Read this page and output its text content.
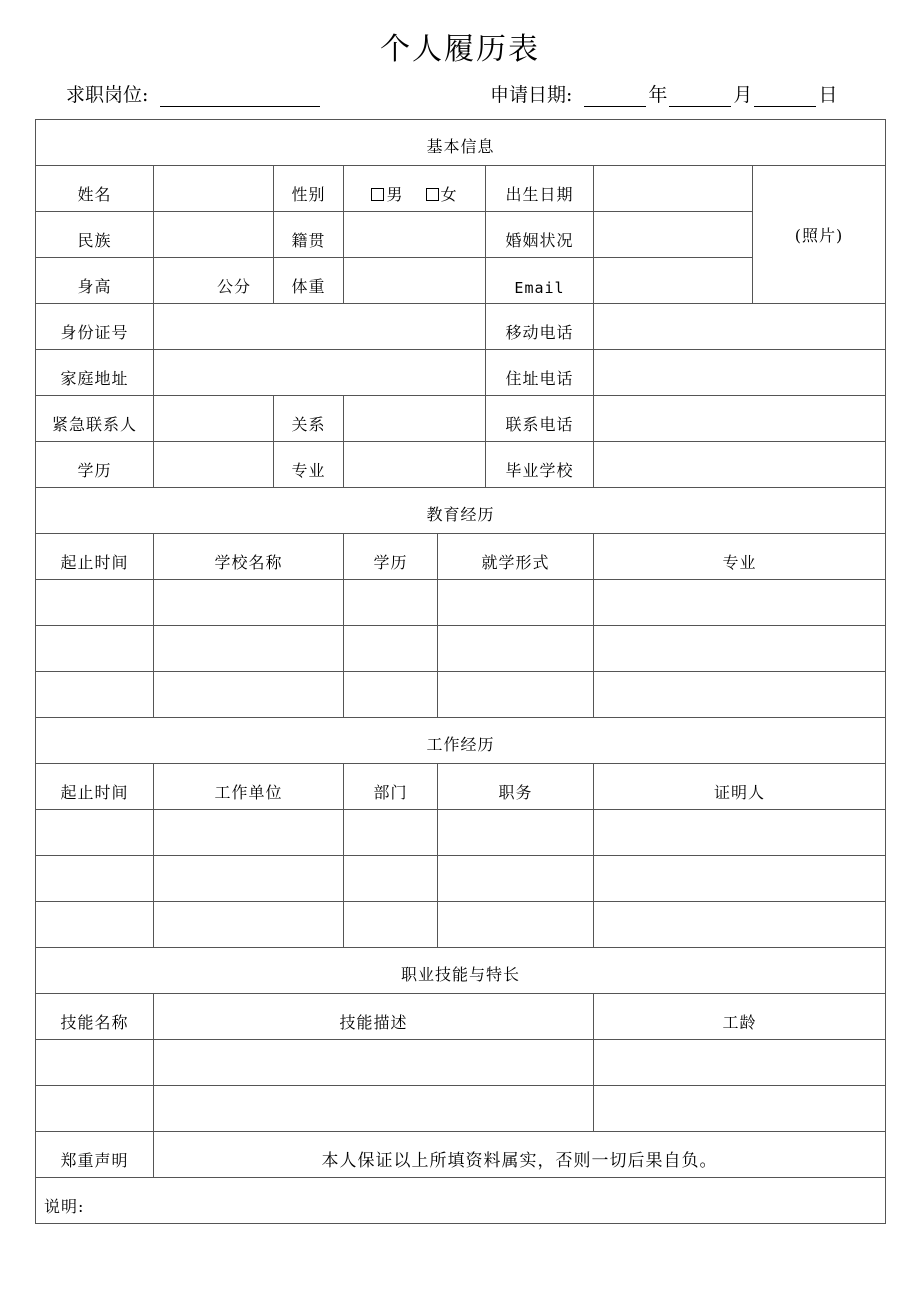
个人履历表
求职岗位:	申请日期:	年	月	日
基本信息							
姓名		性别	男 女		出生日期		(照片)
民族		籍贯			婚姻状况		
身高	公分	体重			Email		
身份证号					移动电话		
家庭地址					住址电话		
紧急联系人		关系			联系电话		
学历		专业			毕业学校		
教育经历							
起止时间	学校名称		学历	就学形式		专业	

工作经历							
起止时间	工作单位		部门	职务		证明人	

职业技能与特长							
技能名称	技能描述					工龄	

郑重声明	本人保证以上所填资料属实，否则一切后果自负。						
说明:							
